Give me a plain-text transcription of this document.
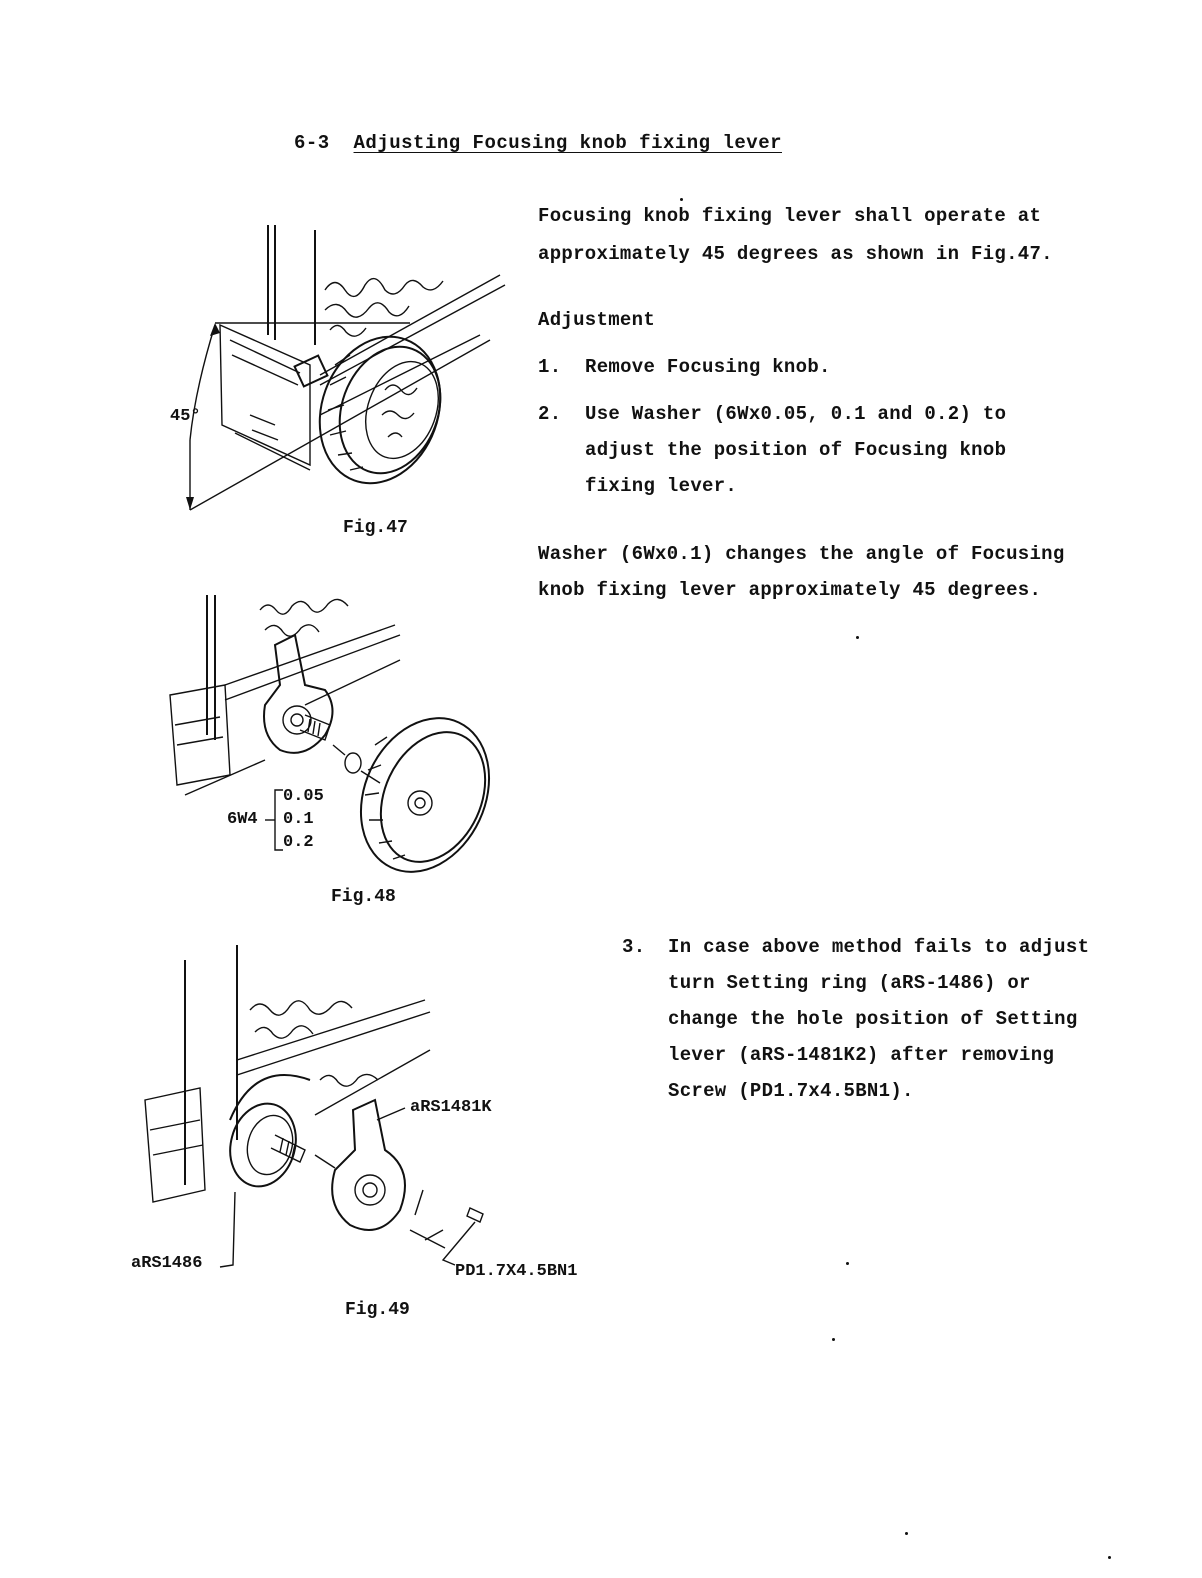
6-3 Adjusting Focusing knob fixing lever
Focusing knob fixing lever shall operate at
approximately 45 degrees as shown in Fig.47.
Adjustment
1. Remove Focusing knob.
2. Use Washer (6Wx0.05, 0.1 and 0.2) to
adjust the position of Focusing knob
fixing lever.
Washer (6Wx0.1) changes the angle of Focusing
knob fixing lever approximately 45 degrees.
3. In case above method fails to adjust
turn Setting ring (aRS-1486) or
change the hole position of Setting
lever (aRS-1481K2) after removing
Screw (PD1.7x4.5BN1).
45°
Fig.47
0.05
0.1
0.2
6W4
Fig.48
aRS1481K
aRS1486	PD1.7X4.5BN1
Fig.49
